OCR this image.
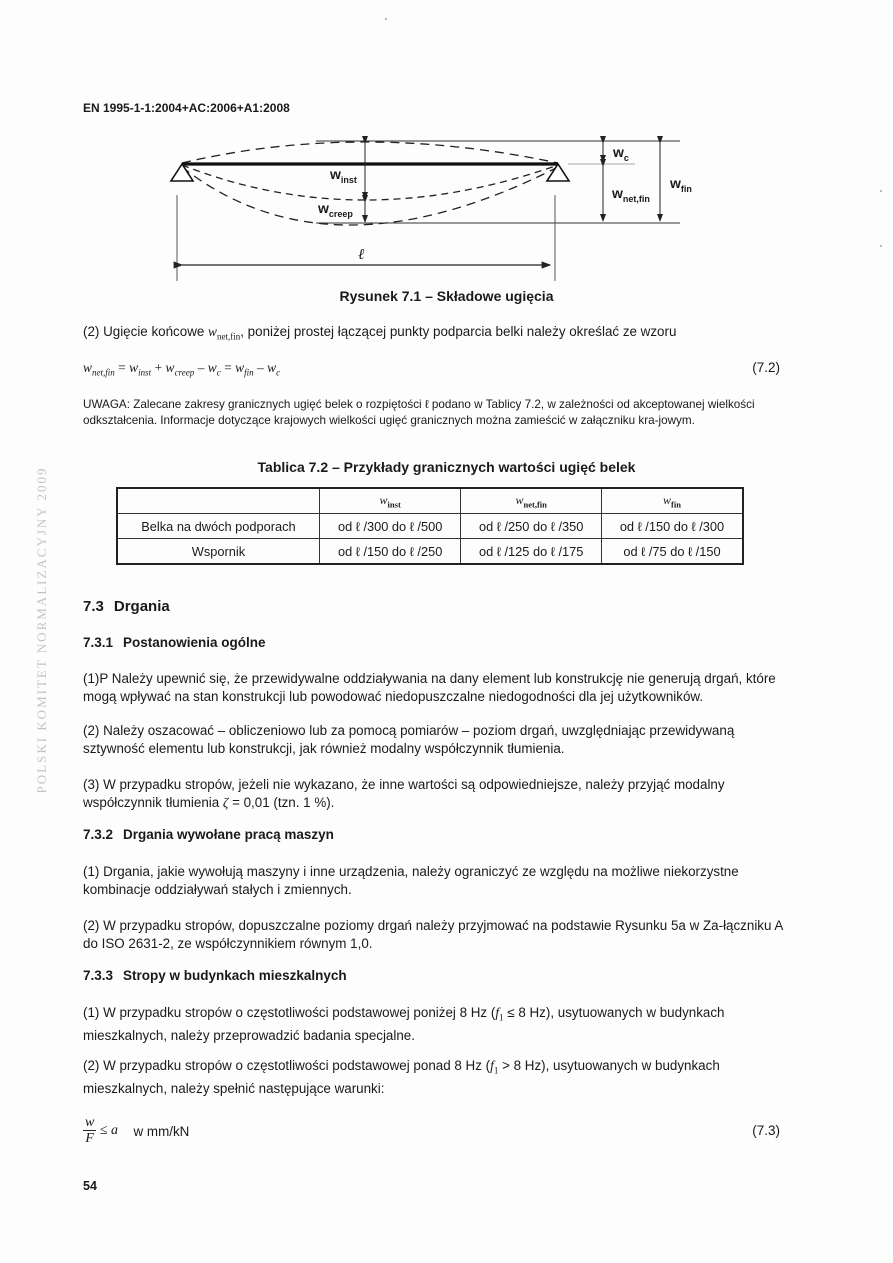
POLSKI KOMITET NORMALIZACYJNY 2009
EN 1995-1-1:2004+AC:2006+A1:2008
$w_{inst}$
$w_{creep}$
$w_c$
$w_{net,fin}$
$w_{fin}$
ℓ
Rysunek 7.1 – Składowe ugięcia
(2) Ugięcie końcowe $w_{net,fin}$, poniżej prostej łączącej punkty podparcia belki należy określać ze wzoru
$w_{net,fin} = w_{inst} + w_{creep} - w_c = w_{fin} - w_c$	(7.2)
UWAGA: Zalecane zakresy granicznych ugięć belek o rozpiętości ℓ podano w Tablicy 7.2, w zależności od akceptowanej wielkości odkształcenia. Informacje dotyczące krajowych wielkości ugięć granicznych można zamieścić w załączniku kra-jowym.
Tablica 7.2 – Przykłady granicznych wartości ugięć belek
	$w_{inst}$	$w_{net,fin}$	$w_{fin}$
Belka na dwóch podporach	od ℓ /300 do ℓ /500	od ℓ /250 do ℓ /350	od ℓ /150 do ℓ /300
Wspornik	od ℓ /150 do ℓ /250	od ℓ /125 do ℓ /175	od ℓ /75 do ℓ /150
7.3 Drgania
7.3.1 Postanowienia ogólne
(1)P Należy upewnić się, że przewidywalne oddziaływania na dany element lub konstrukcję nie generują drgań, które mogą wpływać na stan konstrukcji lub powodować niedopuszczalne niedogodności dla jej użytkowników.
(2) Należy oszacować – obliczeniowo lub za pomocą pomiarów – poziom drgań, uwzględniając przewidywaną sztywność elementu lub konstrukcji, jak również modalny współczynnik tłumienia.
(3) W przypadku stropów, jeżeli nie wykazano, że inne wartości są odpowiedniejsze, należy przyjąć modalny współczynnik tłumienia ζ = 0,01 (tzn. 1 %).
7.3.2 Drgania wywołane pracą maszyn
(1) Drgania, jakie wywołują maszyny i inne urządzenia, należy ograniczyć ze względu na możliwe niekorzystne kombinacje oddziaływań stałych i zmiennych.
(2) W przypadku stropów, dopuszczalne poziomy drgań należy przyjmować na podstawie Rysunku 5a w Za-łączniku A do ISO 2631-2, ze współczynnikiem równym 1,0.
7.3.3 Stropy w budynkach mieszkalnych
(1) W przypadku stropów o częstotliwości podstawowej poniżej 8 Hz ($f_1 \le 8$ Hz), usytuowanych w budynkach mieszkalnych, należy przeprowadzić badania specjalne.
(2) W przypadku stropów o częstotliwości podstawowej ponad 8 Hz ($f_1 > 8$ Hz), usytuowanych w budynkach mieszkalnych, należy spełnić następujące warunki:
$\frac{w}{F} \le a$ w mm/kN	(7.3)
54
